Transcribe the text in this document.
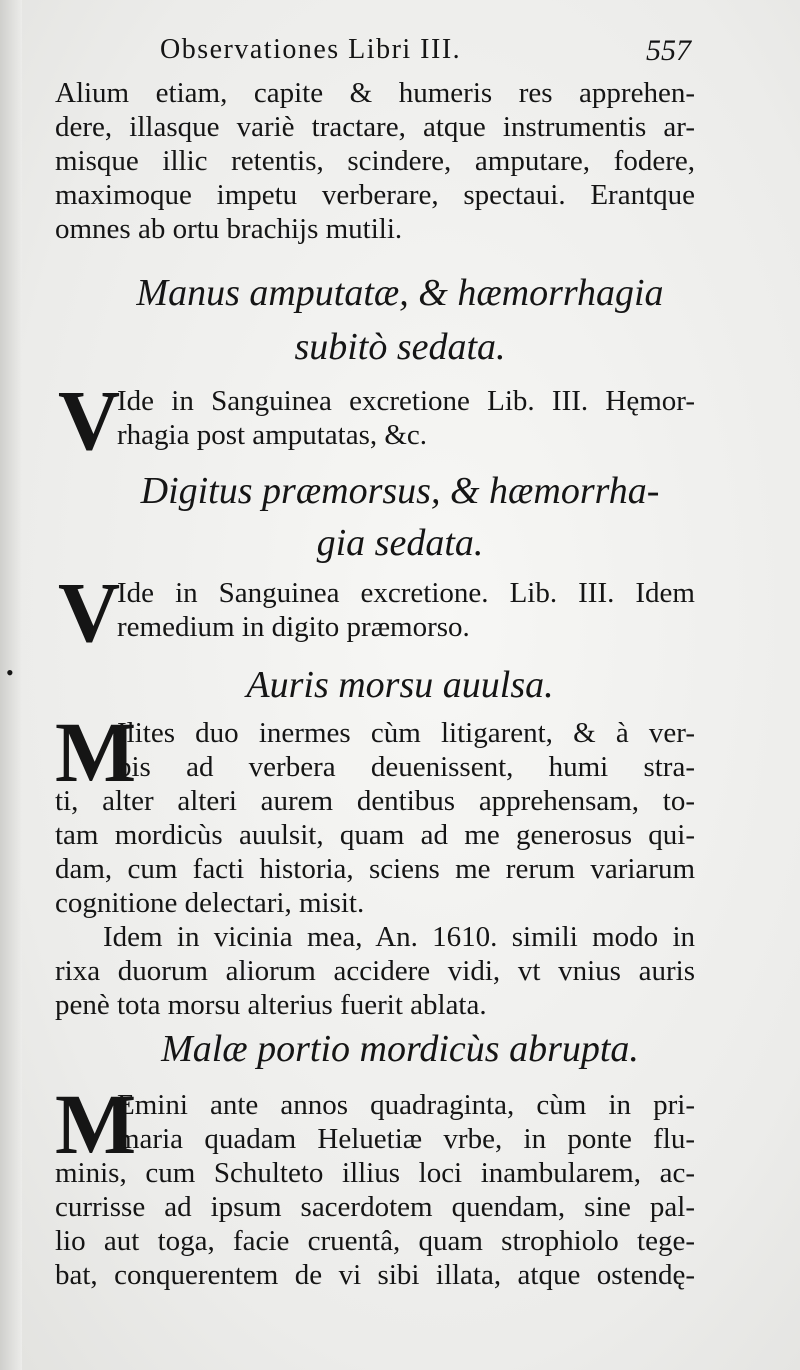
Observationes Libri III.	557
Alium etiam, capite & humeris res apprehen-
dere, illasque variè tractare, atque instrumentis ar-
misque illic retentis, scindere, amputare, fodere,
maximoque impetu verberare, spectaui. Erantque
omnes ab ortu brachijs mutili.
Manus amputatæ, & hæmorrhagia
subitò sedata.
V
Ide in Sanguinea excretione Lib. III. Hęmor-
rhagia post amputatas, &c.
Digitus præmorsus, & hæmorrha-
gia sedata.
V
Ide in Sanguinea excretione. Lib. III. Idem
remedium in digito præmorso.
•	Auris morsu auulsa.
M
Ilites duo inermes cùm litigarent, & à ver-
bis ad verbera deuenissent, humi stra-
ti, alter alteri aurem dentibus apprehensam, to-
tam mordicùs auulsit, quam ad me generosus qui-
dam, cum facti historia, sciens me rerum variarum
cognitione delectari, misit.
Idem in vicinia mea, An. 1610. simili modo in
rixa duorum aliorum accidere vidi, vt vnius auris
penè tota morsu alterius fuerit ablata.
Malæ portio mordicùs abrupta.
M
Emini ante annos quadraginta, cùm in pri-
maria quadam Heluetiæ vrbe, in ponte flu-
minis, cum Schulteto illius loci inambularem, ac-
currisse ad ipsum sacerdotem quendam, sine pal-
lio aut toga, facie cruentâ, quam strophiolo tege-
bat, conquerentem de vi sibi illata, atque ostendę-
